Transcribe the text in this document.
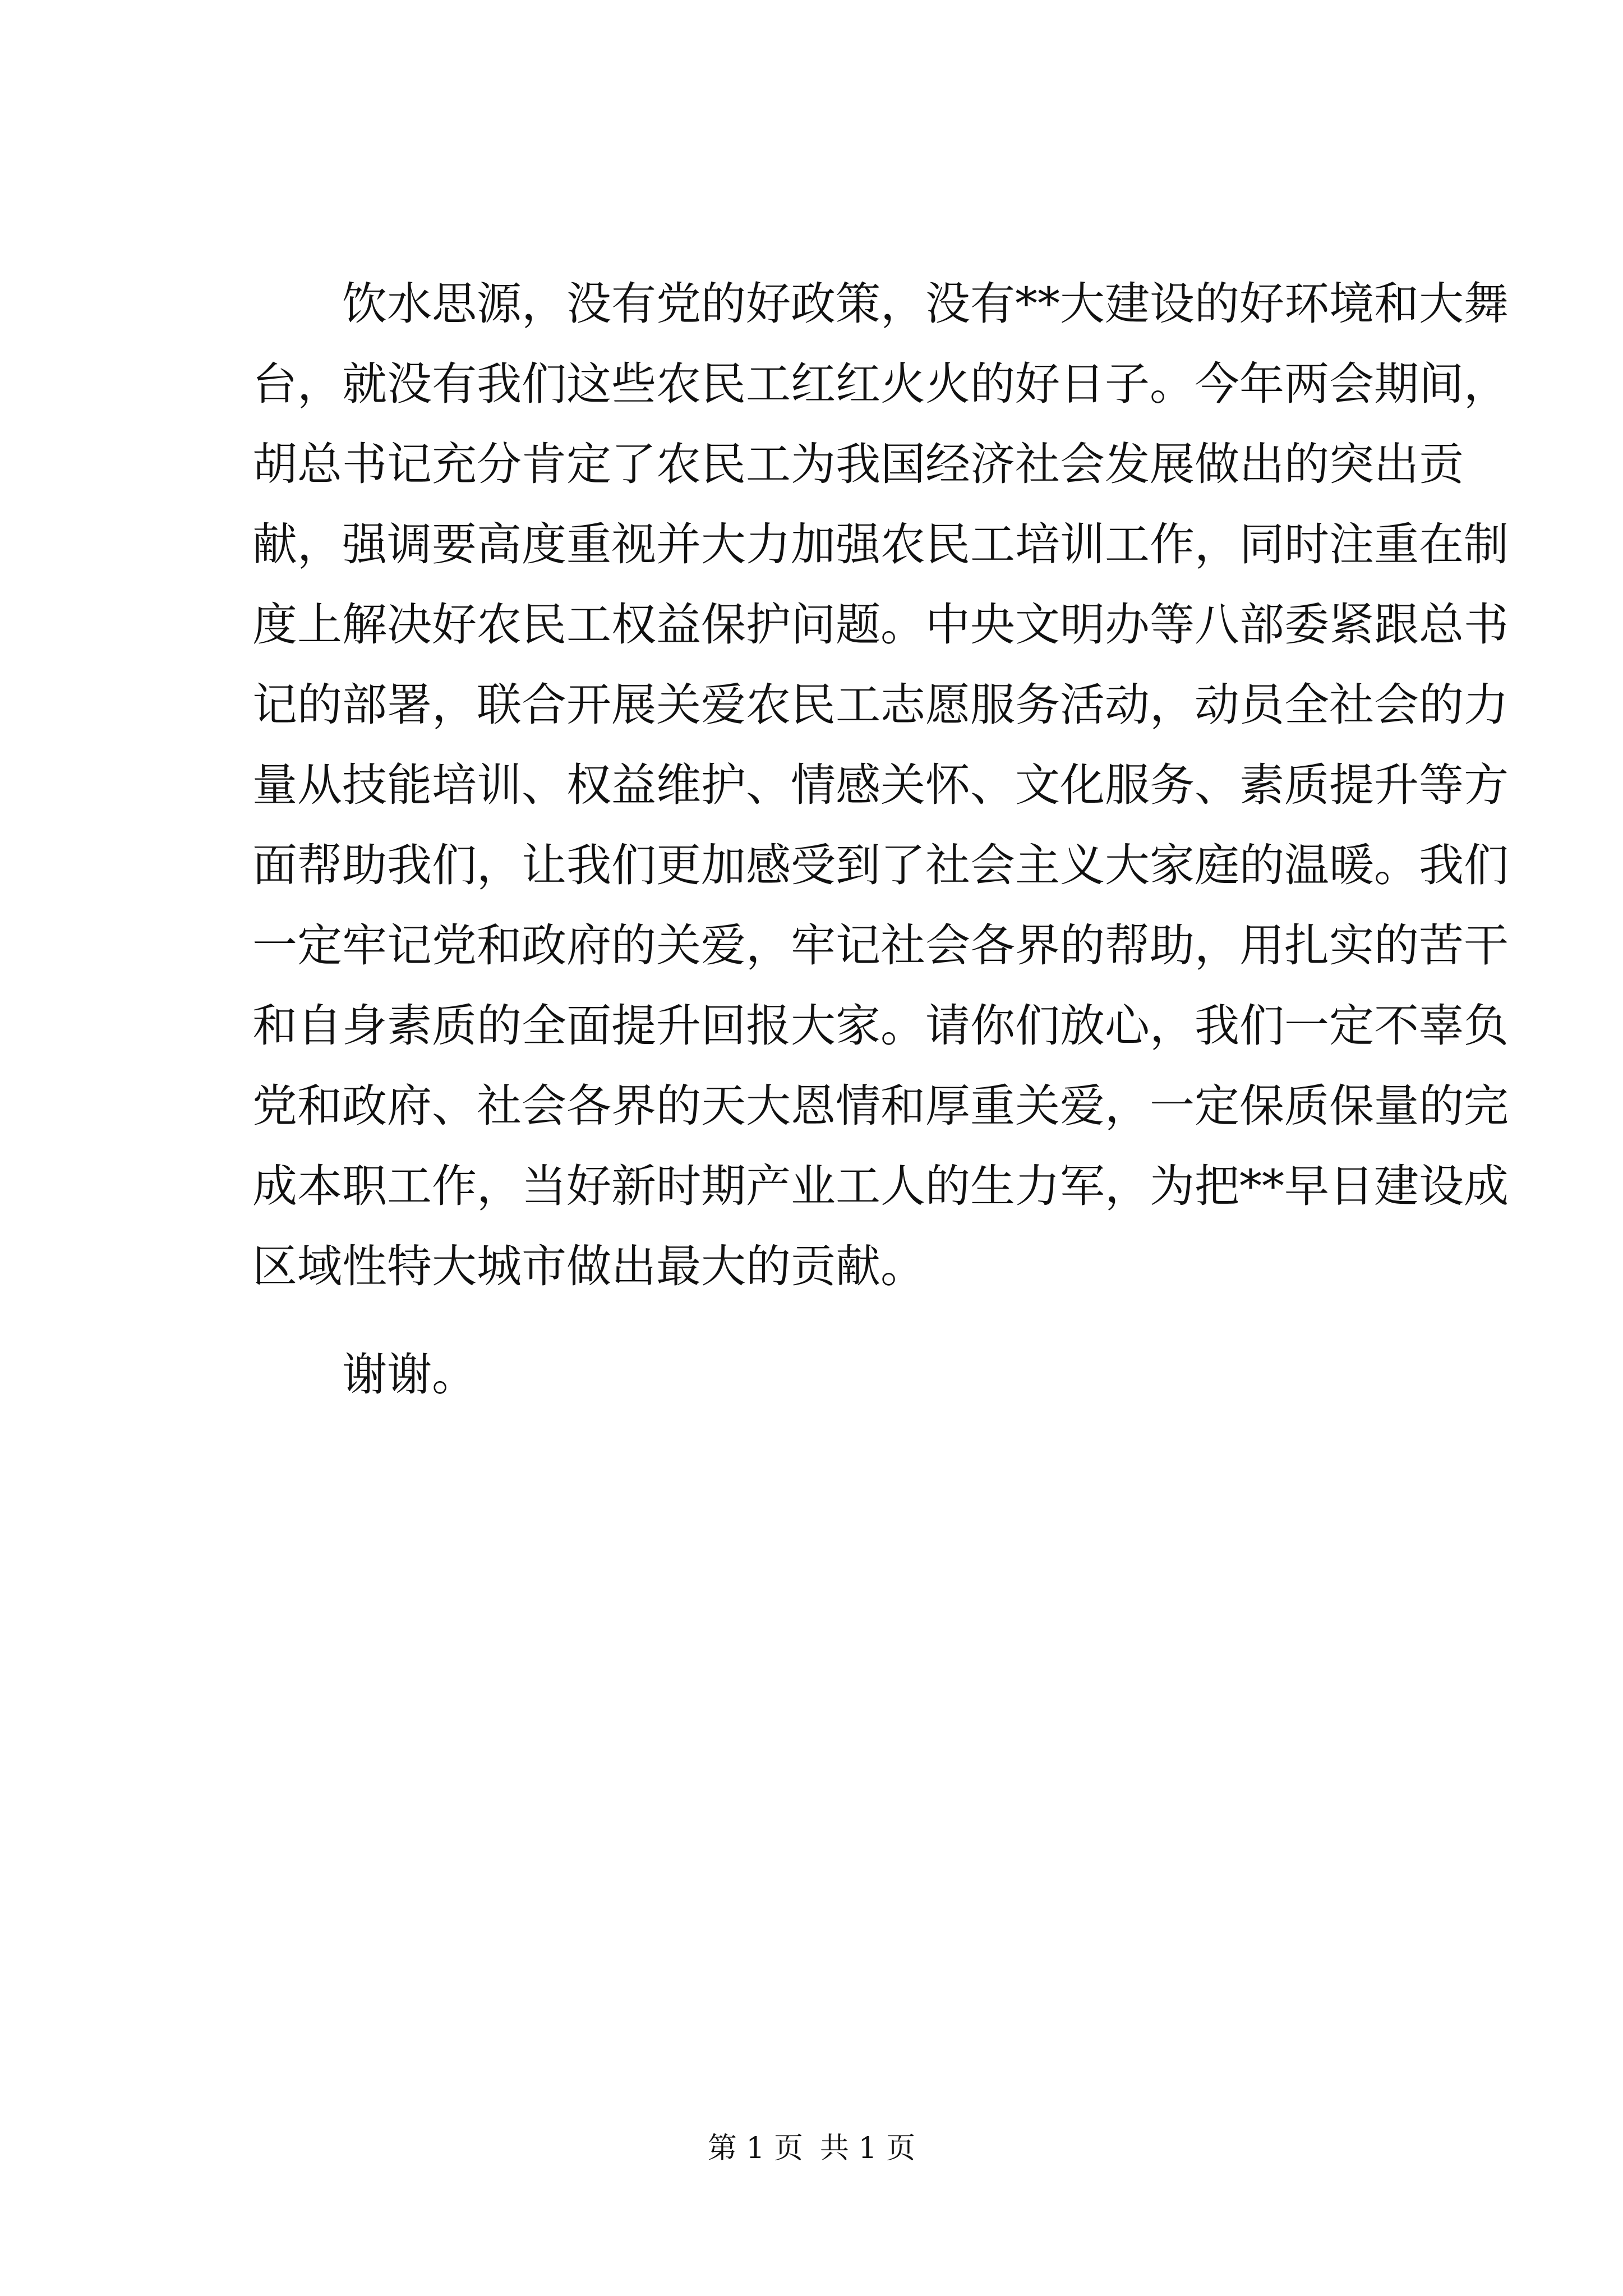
饮水思源，没有党的好政策，没有**大建设的好环境和大舞
台，就没有我们这些农民工红红火火的好日子。今年两会期间，
胡总书记充分肯定了农民工为我国经济社会发展做出的突出贡
献，强调要高度重视并大力加强农民工培训工作，同时注重在制
度上解决好农民工权益保护问题。中央文明办等八部委紧跟总书
记的部署，联合开展关爱农民工志愿服务活动，动员全社会的力
量从技能培训、权益维护、情感关怀、文化服务、素质提升等方
面帮助我们，让我们更加感受到了社会主义大家庭的温暖。我们
一定牢记党和政府的关爱，牢记社会各界的帮助，用扎实的苦干
和自身素质的全面提升回报大家。请你们放心，我们一定不辜负
党和政府、社会各界的天大恩情和厚重关爱，一定保质保量的完
成本职工作，当好新时期产业工人的生力军，为把**早日建设成
区域性特大城市做出最大的贡献。
谢谢。
第 1 页 共 1 页
